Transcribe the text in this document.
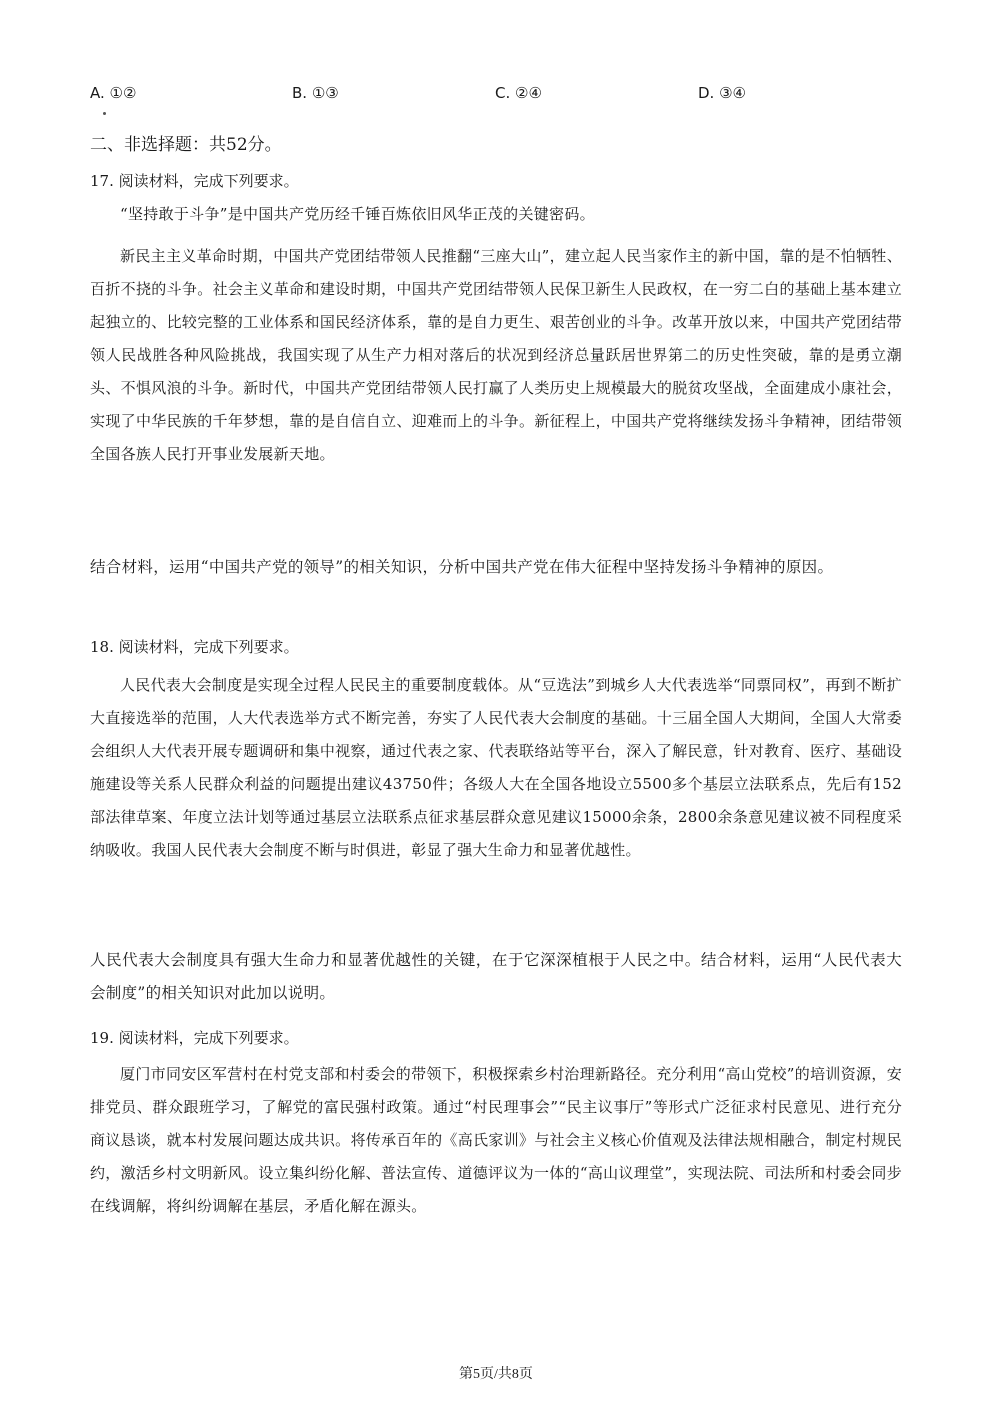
A. ①②	B. ①③	C. ②④	D. ③④
二、非选择题：共52分。
17. 阅读材料，完成下列要求。
“坚持敢于斗争”是中国共产党历经千锤百炼依旧风华正茂的关键密码。
新民主主义革命时期，中国共产党团结带领人民推翻“三座大山”，建立起人民当家作主的新中国，靠的是不怕牺牲、百折不挠的斗争。社会主义革命和建设时期，中国共产党团结带领人民保卫新生人民政权，在一穷二白的基础上基本建立起独立的、比较完整的工业体系和国民经济体系，靠的是自力更生、艰苦创业的斗争。改革开放以来，中国共产党团结带领人民战胜各种风险挑战，我国实现了从生产力相对落后的状况到经济总量跃居世界第二的历史性突破，靠的是勇立潮头、不惧风浪的斗争。新时代，中国共产党团结带领人民打赢了人类历史上规模最大的脱贫攻坚战，全面建成小康社会，实现了中华民族的千年梦想，靠的是自信自立、迎难而上的斗争。新征程上，中国共产党将继续发扬斗争精神，团结带领全国各族人民打开事业发展新天地。
结合材料，运用“中国共产党的领导”的相关知识，分析中国共产党在伟大征程中坚持发扬斗争精神的原因。
18. 阅读材料，完成下列要求。
人民代表大会制度是实现全过程人民民主的重要制度载体。从“豆选法”到城乡人大代表选举“同票同权”，再到不断扩大直接选举的范围，人大代表选举方式不断完善，夯实了人民代表大会制度的基础。十三届全国人大期间，全国人大常委会组织人大代表开展专题调研和集中视察，通过代表之家、代表联络站等平台，深入了解民意，针对教育、医疗、基础设施建设等关系人民群众利益的问题提出建议43750件；各级人大在全国各地设立5500多个基层立法联系点，先后有152部法律草案、年度立法计划等通过基层立法联系点征求基层群众意见建议15000余条，2800余条意见建议被不同程度采纳吸收。我国人民代表大会制度不断与时俱进，彰显了强大生命力和显著优越性。
人民代表大会制度具有强大生命力和显著优越性的关键，在于它深深植根于人民之中。结合材料，运用“人民代表大会制度”的相关知识对此加以说明。
19. 阅读材料，完成下列要求。
厦门市同安区军营村在村党支部和村委会的带领下，积极探索乡村治理新路径。充分利用“高山党校”的培训资源，安排党员、群众跟班学习，了解党的富民强村政策。通过“村民理事会”“民主议事厅”等形式广泛征求村民意见、进行充分商议恳谈，就本村发展问题达成共识。将传承百年的《高氏家训》与社会主义核心价值观及法律法规相融合，制定村规民约，激活乡村文明新风。设立集纠纷化解、普法宣传、道德评议为一体的“高山议理堂”，实现法院、司法所和村委会同步在线调解，将纠纷调解在基层，矛盾化解在源头。
第5页/共8页
